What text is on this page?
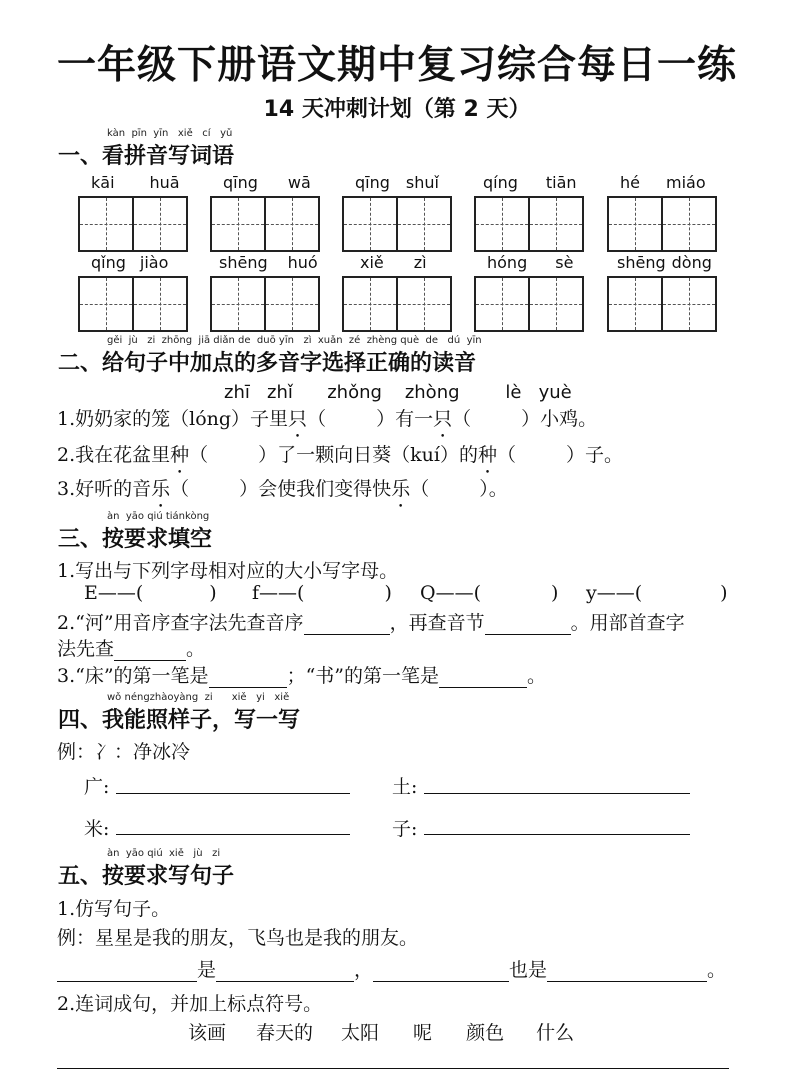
一年级下册语文期中复习综合每日一练
14 天冲刺计划（第 2 天）
kàn pīn yīn xiě cí yǔ
一、看拼音写词语
kāi huā	qīng wā	qīng shuǐ	qíng tiān	hé miáo
qǐng jiào	shēng huó	xiě zì	hóng sè	shēng dòng
gěi  jù   zi  zhōng  jiā diǎn de  duō yīn   zì  xuǎn  zé  zhèng què  de   dú  yīn
二、给句子中加点的多音字选择正确的读音
zhī zhǐ zhǒng zhòng	lè yuè
1.奶奶家的笼（lóng）子里只（	）有一只（	）小鸡。
2.我在花盆里种（	）了一颗向日葵（kuí）的种（	）子。
3.好听的音乐（	）会使我们变得快乐（	）。
àn yāo qiú tiánkòng
三、按要求填空
1.写出与下列字母相对应的大小写字母。
E——(	) f——(	) Q——(	) y——(	)
2.“河”用音序查字法先查音序	，再查音节	。用部首查字
法先查	。
3.“床”的第一笔是	；“书”的第一笔是	。
wǒ néngzhàoyàng zi xiě yi xiě
四、我能照样子，写一写
例：冫：净冰冷
广:	土:
米:	子:
àn yāo qiú xiě jù zi
五、按要求写句子
1.仿写句子。
例：星星是我的朋友，飞鸟也是我的朋友。
是	，	也是	。
2.连词成句，并加上标点符号。
该画 春天的 太阳 呢 颜色 什么
